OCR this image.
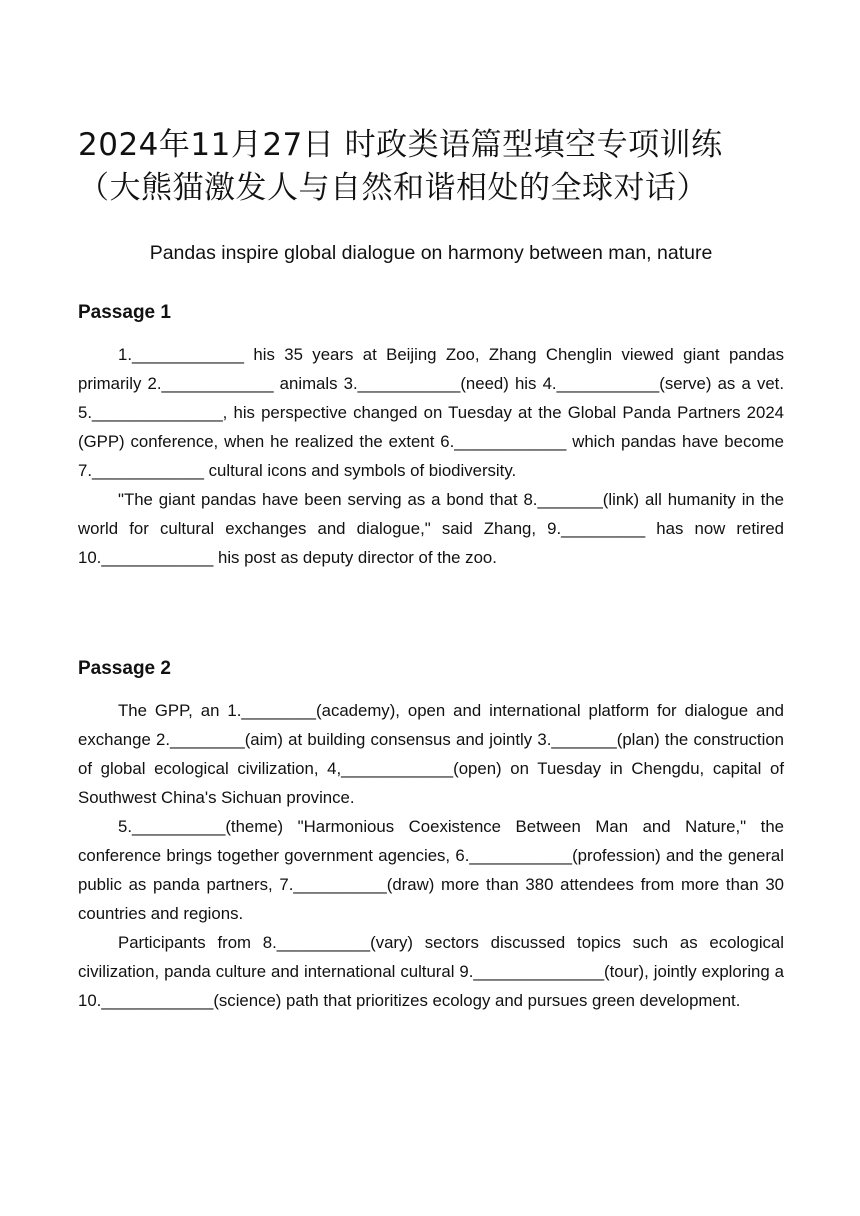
2024年11月27日 时政类语篇型填空专项训练（大熊猫激发人与自然和谐相处的全球对话）
Pandas inspire global dialogue on harmony between man, nature
Passage 1

1.____________ his 35 years at Beijing Zoo, Zhang Chenglin viewed giant pandas primarily 2.____________ animals 3.___________(need) his 4.___________(serve) as a vet. 5.______________, his perspective changed on Tuesday at the Global Panda Partners 2024 (GPP) conference, when he realized the extent 6.____________ which pandas have become 7.____________ cultural icons and symbols of biodiversity.

"The giant pandas have been serving as a bond that 8._______(link) all humanity in the world for cultural exchanges and dialogue," said Zhang, 9._________ has now retired 10.____________ his post as deputy director of the zoo.

Passage 2

The GPP, an 1.________(academy), open and international platform for dialogue and exchange 2.________(aim) at building consensus and jointly 3._______(plan) the construction of global ecological civilization, 4,____________(open) on Tuesday in Chengdu, capital of Southwest China's Sichuan province.

5.__________(theme) "Harmonious Coexistence Between Man and Nature," the conference brings together government agencies, 6.___________(profession) and the general public as panda partners, 7.__________(draw) more than 380 attendees from more than 30 countries and regions.

Participants from 8.__________(vary) sectors discussed topics such as ecological civilization, panda culture and international cultural 9.______________(tour), jointly exploring a 10.____________(science) path that prioritizes ecology and pursues green development.
